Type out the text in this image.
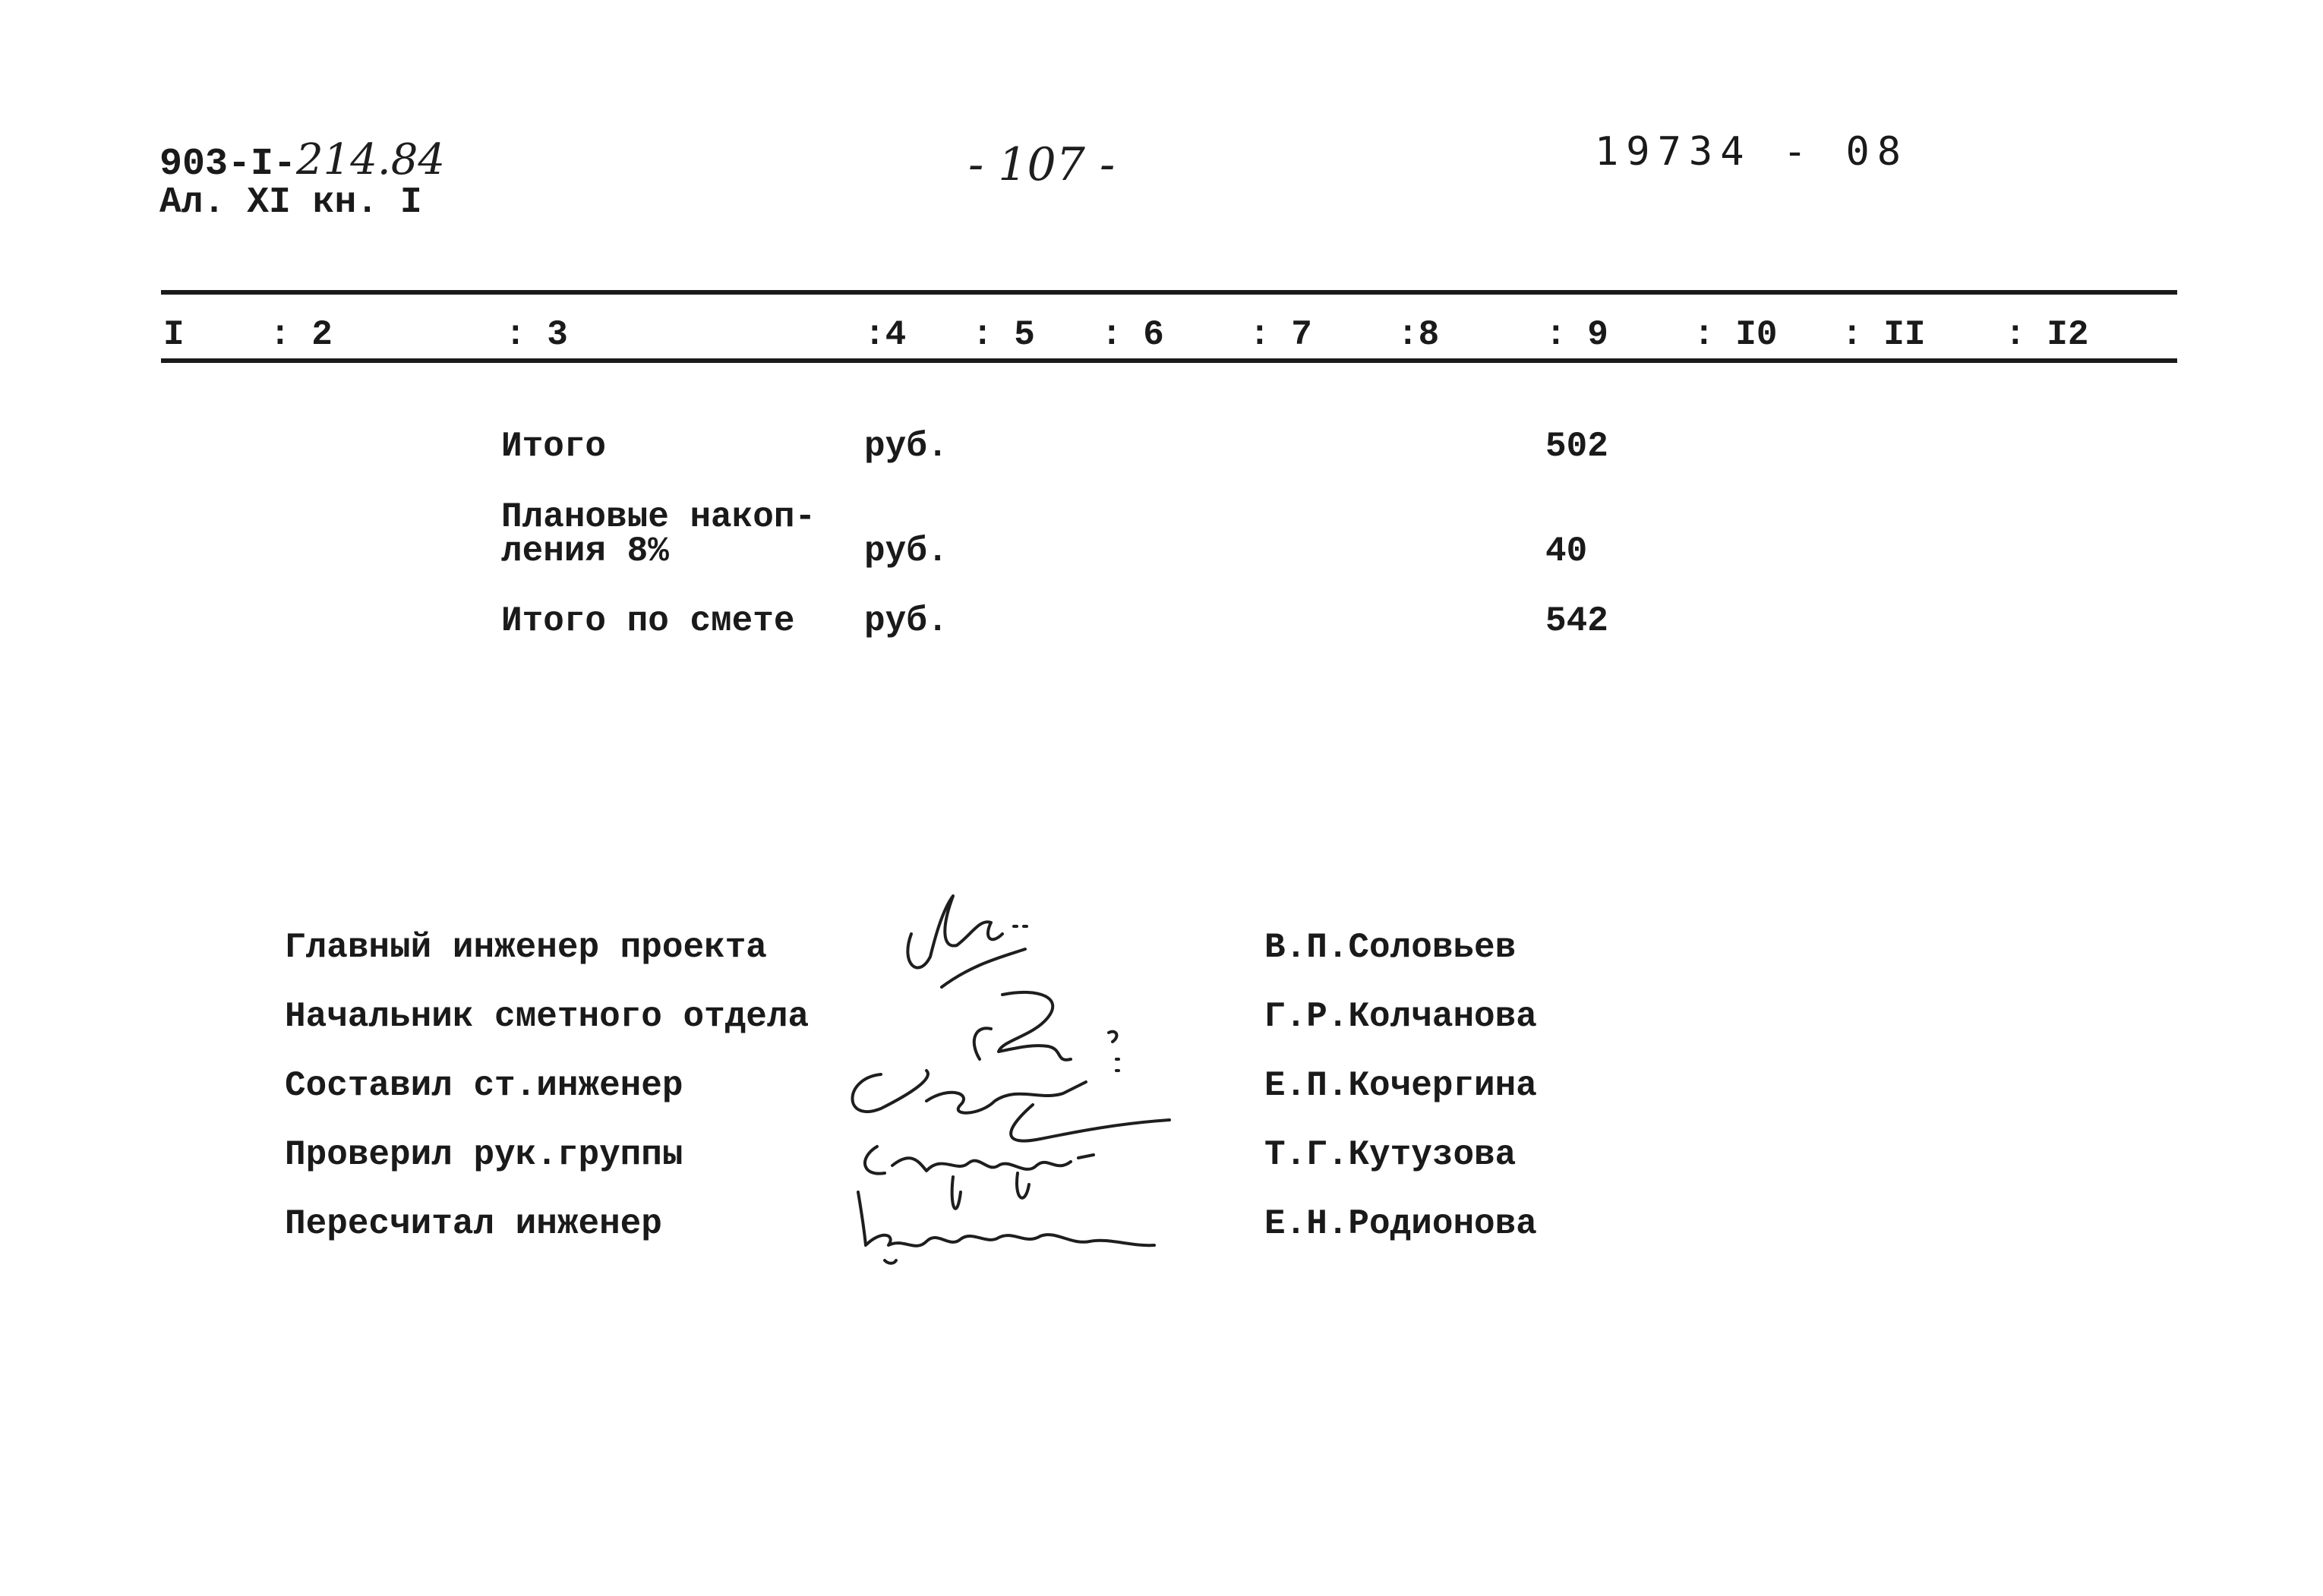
903-I-214.84
Ал. XI кн. I
- 107 -	19734 - 08
I : 2	: 3	:4 : 5 : 6 : 7 :8	: 9 : I0 : II : I2
Итого	руб.	502
Плановые накоп-
ления 8%	руб.	40
Итого по смете руб.	542
Главный инженер проекта	В.П.Соловьев
Начальник сметного отдела	Г.Р.Колчанова
Составил ст.инженер	Е.П.Кочергина
Проверил рук.группы	Т.Г.Кутузова
Пересчитал инженер	Е.Н.Родионова
